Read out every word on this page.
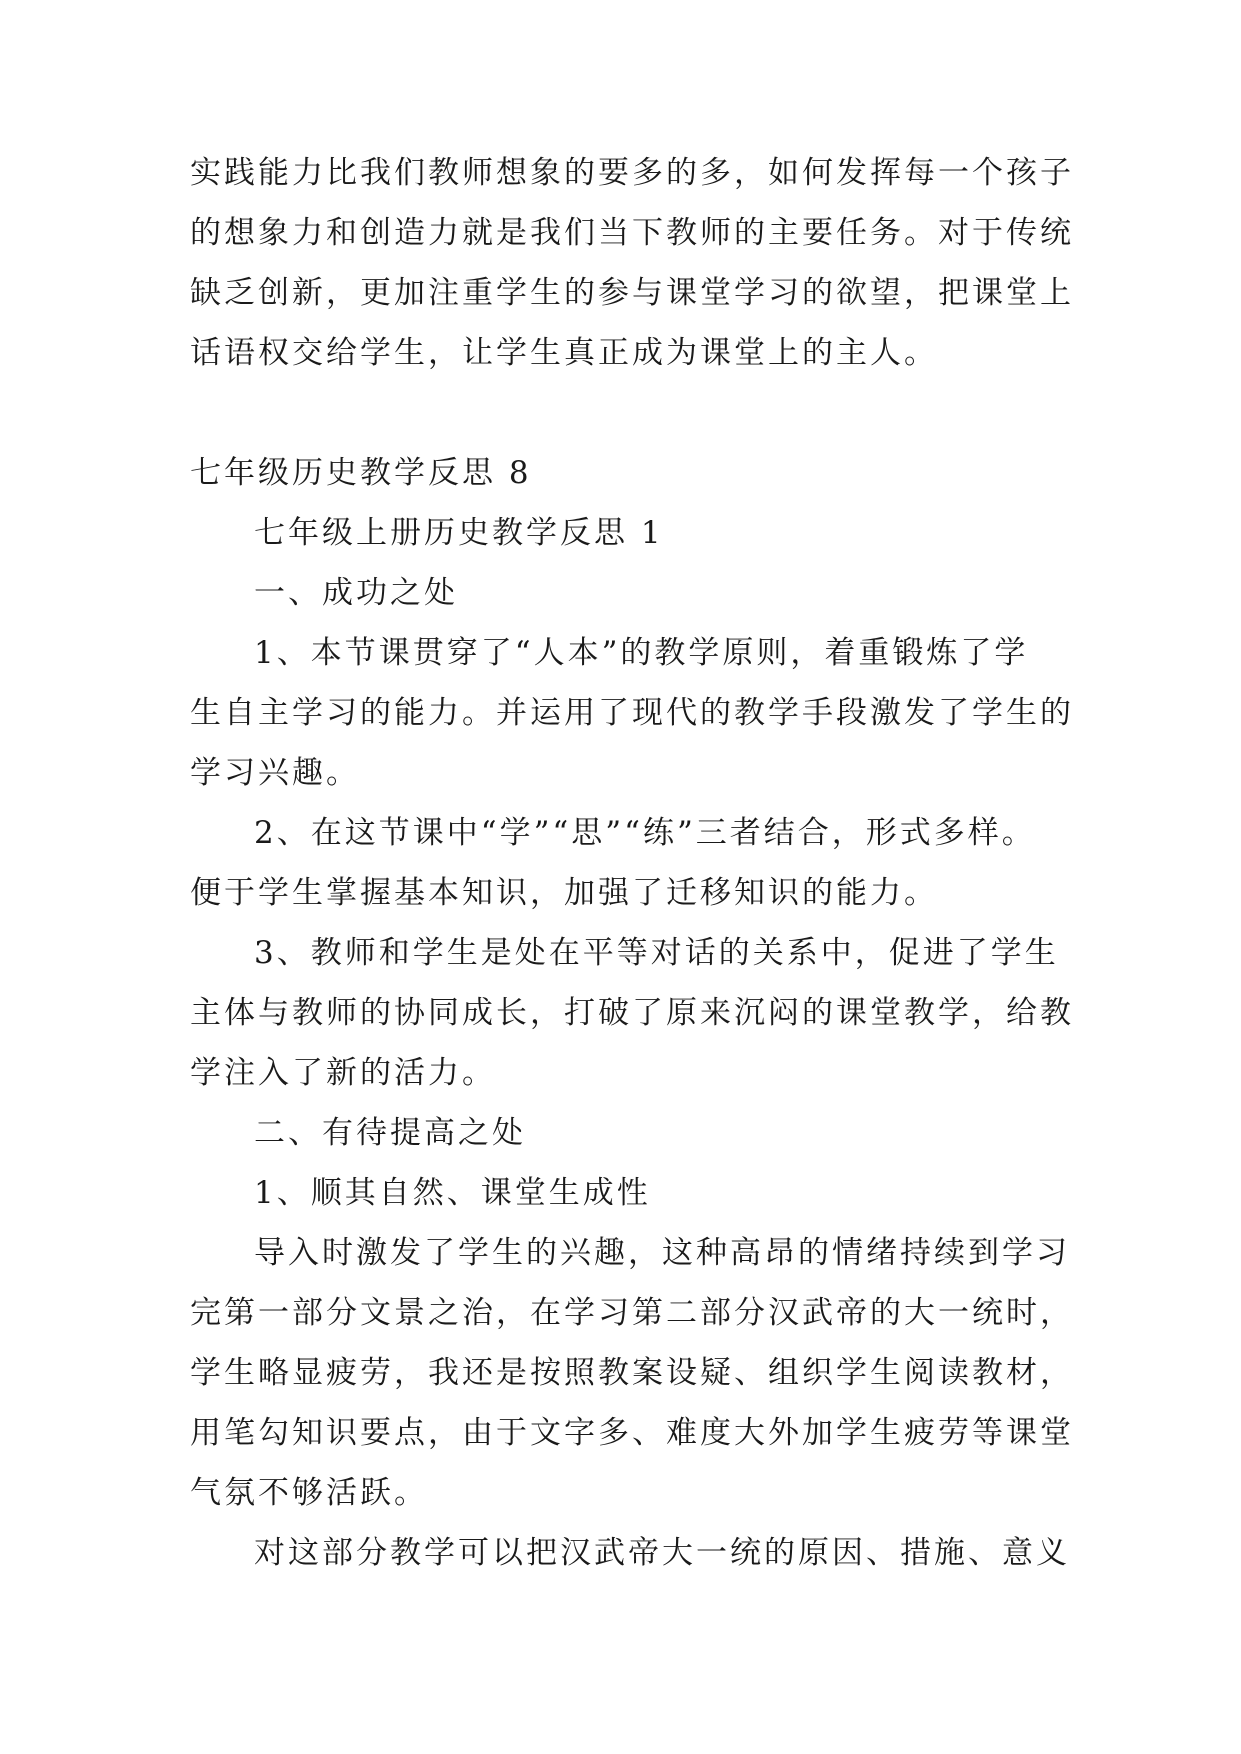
实践能力比我们教师想象的要多的多，如何发挥每一个孩子
的想象力和创造力就是我们当下教师的主要任务。对于传统
缺乏创新，更加注重学生的参与课堂学习的欲望，把课堂上
话语权交给学生，让学生真正成为课堂上的主人。
七年级历史教学反思 8
七年级上册历史教学反思 1
一、成功之处
1、本节课贯穿了“人本”的教学原则，着重锻炼了学
生自主学习的能力。并运用了现代的教学手段激发了学生的
学习兴趣。
2、在这节课中“学”“思”“练”三者结合，形式多样。
便于学生掌握基本知识，加强了迁移知识的能力。
3、教师和学生是处在平等对话的关系中，促进了学生
主体与教师的协同成长，打破了原来沉闷的课堂教学，给教
学注入了新的活力。
二、有待提高之处
1、顺其自然、课堂生成性
导入时激发了学生的兴趣，这种高昂的情绪持续到学习
完第一部分文景之治，在学习第二部分汉武帝的大一统时，
学生略显疲劳，我还是按照教案设疑、组织学生阅读教材，
用笔勾知识要点，由于文字多、难度大外加学生疲劳等课堂
气氛不够活跃。
对这部分教学可以把汉武帝大一统的原因、措施、意义
